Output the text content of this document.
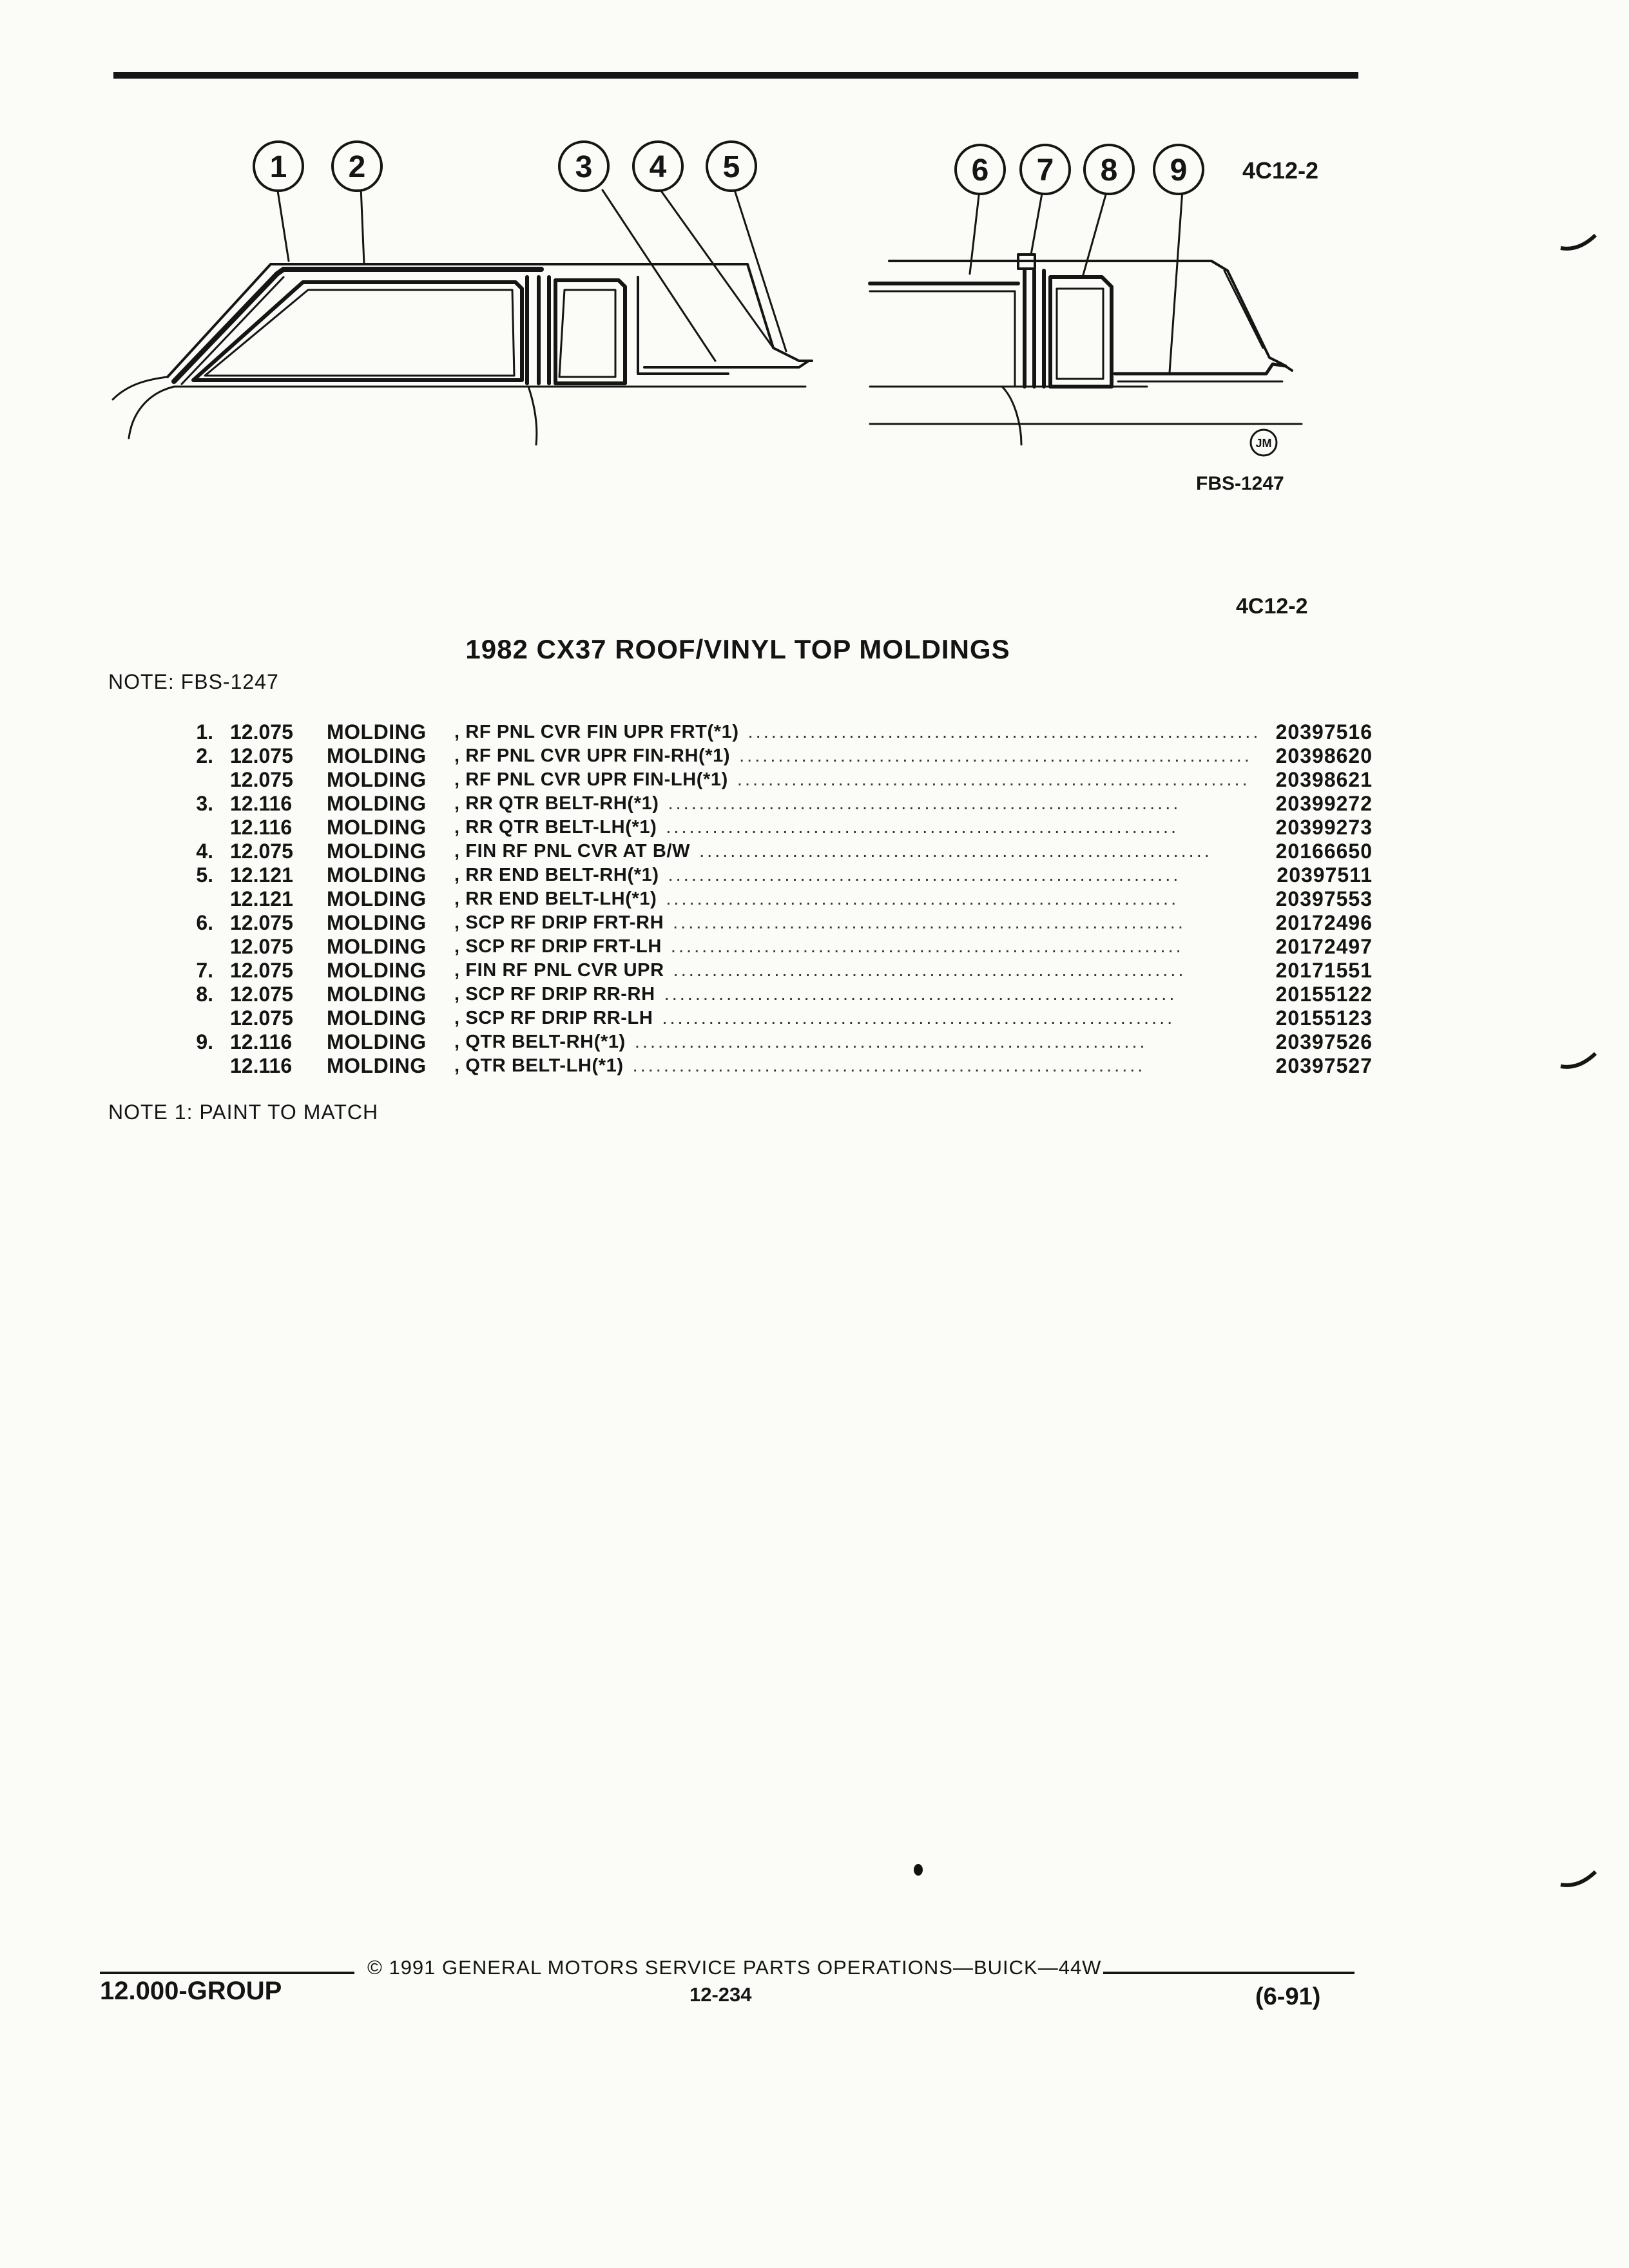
1 2	3 4 5	6 7 8 9
JM
4C12-2
FBS-1247
4C12-2
1982 CX37 ROOF/VINYL TOP MOLDINGS
NOTE: FBS-1247
1. 12.075 MOLDING , RF PNL CVR FIN UPR FRT(*1) .................................................................. 20397516
2. 12.075 MOLDING , RF PNL CVR UPR FIN-RH(*1) ..................................................................	20398620
12.075 MOLDING , RF PNL CVR UPR FIN-LH(*1) ..................................................................	20398621
3. 12.116 MOLDING , RR QTR BELT-RH(*1) ..................................................................	20399272
12.116 MOLDING , RR QTR BELT-LH(*1) ..................................................................	20399273
4. 12.075 MOLDING , FIN RF PNL CVR AT B/W ..................................................................	20166650
5. 12.121 MOLDING , RR END BELT-RH(*1) ..................................................................	20397511
12.121 MOLDING , RR END BELT-LH(*1) ..................................................................	20397553
6. 12.075 MOLDING , SCP RF DRIP FRT-RH ..................................................................	20172496
12.075 MOLDING , SCP RF DRIP FRT-LH ..................................................................	20172497
7. 12.075 MOLDING , FIN RF PNL CVR UPR ..................................................................	20171551
8. 12.075 MOLDING , SCP RF DRIP RR-RH ..................................................................	20155122
12.075 MOLDING , SCP RF DRIP RR-LH ..................................................................	20155123
9. 12.116 MOLDING , QTR BELT-RH(*1) ..................................................................	20397526
12.116 MOLDING , QTR BELT-LH(*1) ..................................................................	20397527
NOTE 1: PAINT TO MATCH
12.000-GROUP
© 1991 GENERAL MOTORS SERVICE PARTS OPERATIONS—BUICK—44W
12-234	(6-91)
